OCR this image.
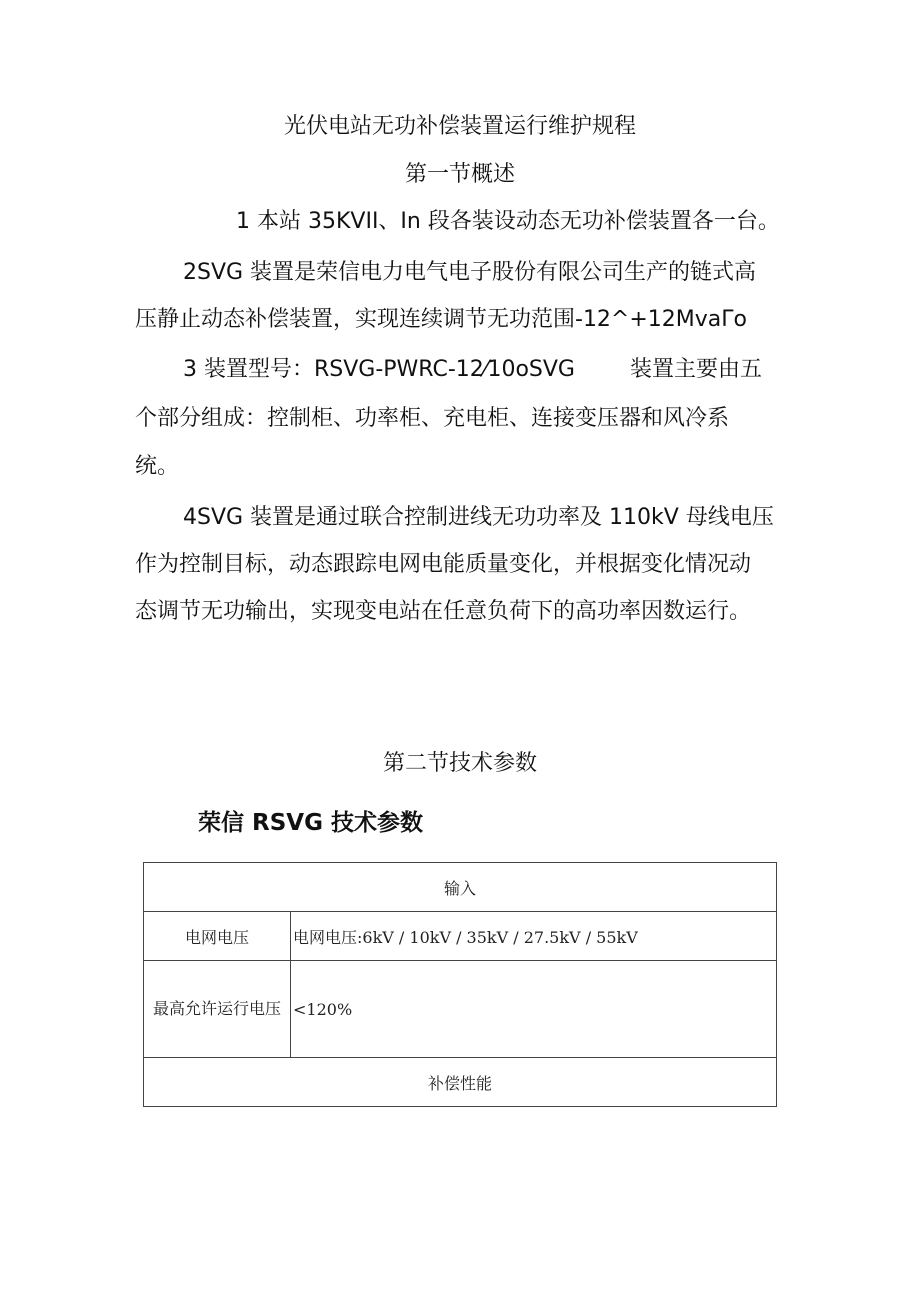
光伏电站无功补偿装置运行维护规程
第一节概述
1 本站 35KVII、In 段各装设动态无功补偿装置各一台。
2SVG 装置是荣信电力电气电子股份有限公司生产的链式高
压静止动态补偿装置，实现连续调节无功范围-12^+12MvaΓo
3 装置型号：RSVG-PWRC-12⁄10oSVG	装置主要由五
个部分组成：控制柜、功率柜、充电柜、连接变压器和风冷系
统。
4SVG 装置是通过联合控制进线无功功率及 110kV 母线电压
作为控制目标，动态跟踪电网电能质量变化，并根据变化情况动
态调节无功输出，实现变电站在任意负荷下的高功率因数运行。
第二节技术参数
荣信 RSVG 技术参数
输入	
电网电压	电网电压:6kV / 10kV / 35kV / 27.5kV / 55kV

最高允许运行电压	<120%
补偿性能	
